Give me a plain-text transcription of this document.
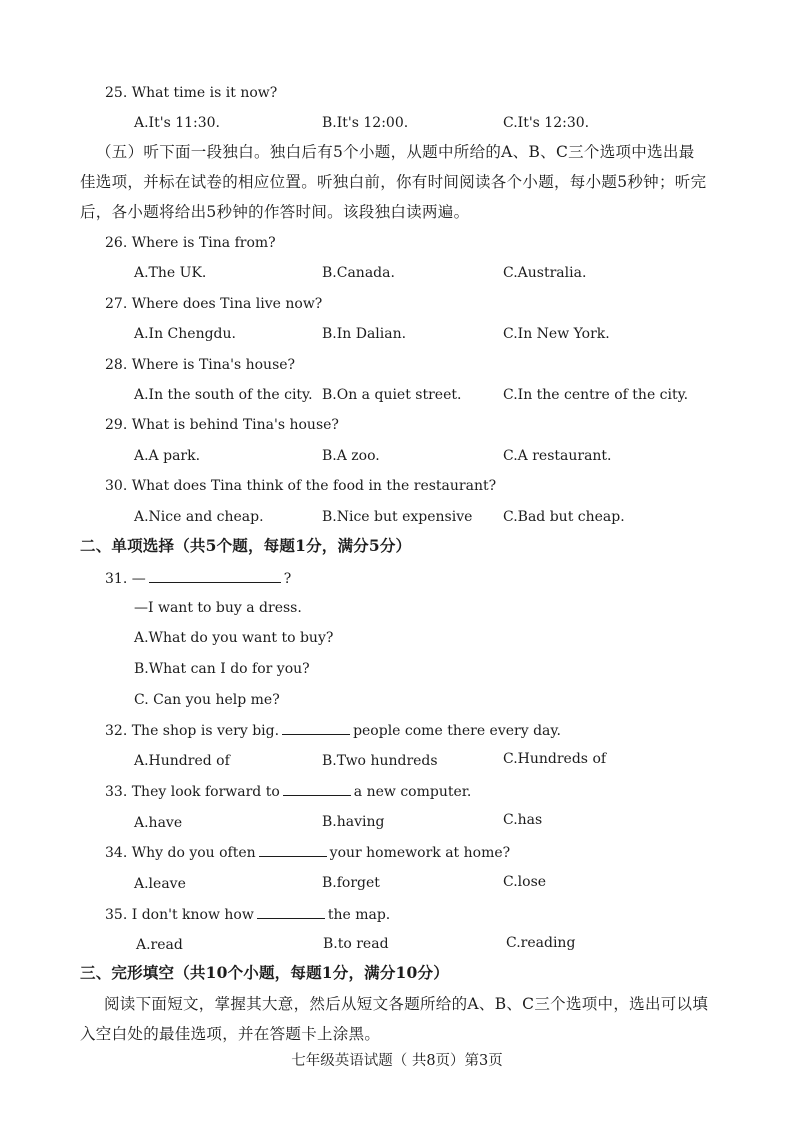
25. What time is it now?
A.It's 11:30.	B.It's 12:00.	C.It's 12:30.
（五）听下面一段独白。独白后有5个小题，从题中所给的A、B、C三个选项中选出最
佳选项，并标在试卷的相应位置。听独白前，你有时间阅读各个小题，每小题5秒钟；听完
后，各小题将给出5秒钟的作答时间。该段独白读两遍。
26. Where is Tina from?
A.The UK.	B.Canada.	C.Australia.
27. Where does Tina live now?
A.In Chengdu.	B.In Dalian.	C.In New York.
28. Where is Tina's house?
A.In the south of the city. B.On a quiet street.	C.In the centre of the city.
29. What is behind Tina's house?
A.A park.	B.A zoo.	C.A restaurant.
30. What does Tina think of the food in the restaurant?
A.Nice and cheap.	B.Nice but expensive C.Bad but cheap.
二、单项选择（共5个题，每题1分，满分5分）
31. —	?
—I want to buy a dress.
A.What do you want to buy?
B.What can I do for you?
C. Can you help me?
32. The shop is very big.	people come there every day.
A.Hundred of	B.Two hundreds	C.Hundreds of
33. They look forward to	a new computer.
A.have	B.having	C.has
34. Why do you often	your homework at home?
A.leave	B.forget	C.lose
35. I don't know how	the map.
A.read	B.to read	C.reading
三、完形填空（共10个小题，每题1分，满分10分）
阅读下面短文，掌握其大意，然后从短文各题所给的A、B、C三个选项中，选出可以填
入空白处的最佳选项，并在答题卡上涂黑。
七年级英语试题（ 共8页）第3页
